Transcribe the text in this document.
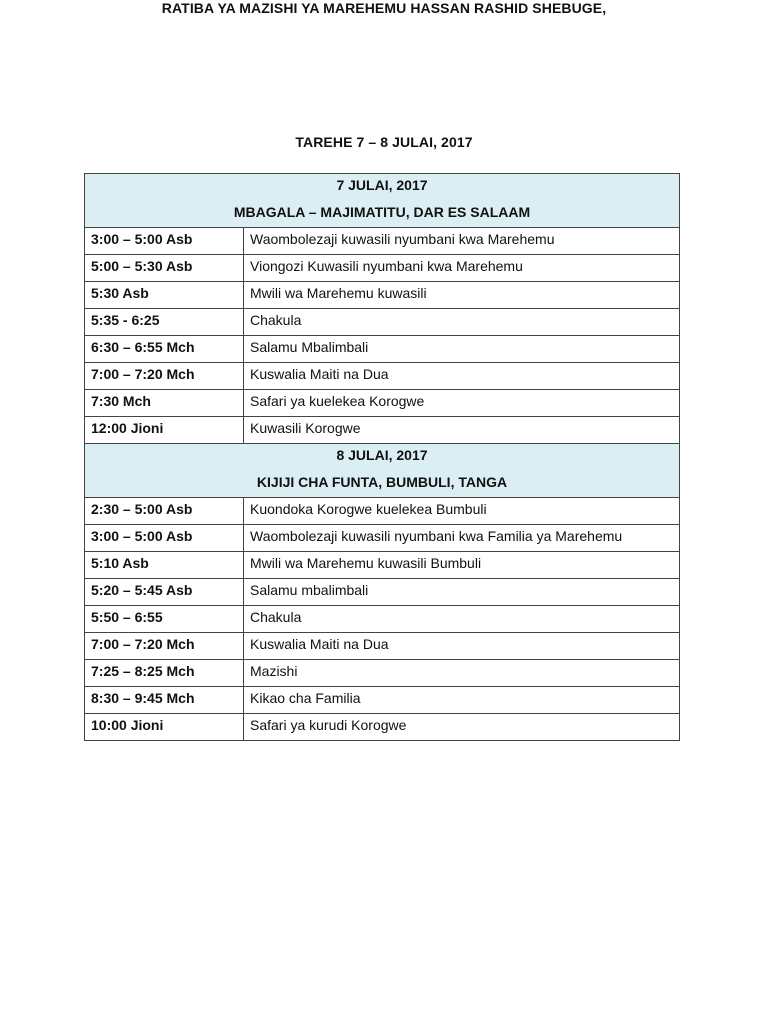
RATIBA YA MAZISHI YA MAREHEMU HASSAN RASHID SHEBUGE,
TAREHE 7 – 8 JULAI, 2017
7 JULAI, 2017
MBAGALA – MAJIMATITU, DAR ES SALAAM	

3:00 – 5:00 Asb	Waombolezaji kuwasili nyumbani kwa Marehemu
5:00 – 5:30 Asb	Viongozi Kuwasili nyumbani kwa Marehemu
5:30 Asb	Mwili wa Marehemu kuwasili
5:35 - 6:25	Chakula
6:30 – 6:55 Mch	Salamu Mbalimbali
7:00 – 7:20 Mch	Kuswalia Maiti na Dua
7:30 Mch	Safari ya kuelekea Korogwe
12:00 Jioni	Kuwasili Korogwe

8 JULAI, 2017
KIJIJI CHA FUNTA, BUMBULI, TANGA	

2:30 – 5:00 Asb	Kuondoka Korogwe kuelekea Bumbuli
3:00 – 5:00 Asb	Waombolezaji kuwasili nyumbani kwa Familia ya Marehemu
5:10 Asb	Mwili wa Marehemu kuwasili Bumbuli
5:20 – 5:45 Asb	Salamu mbalimbali
5:50 – 6:55	Chakula
7:00 – 7:20 Mch	Kuswalia Maiti na Dua
7:25 – 8:25 Mch	Mazishi
8:30 – 9:45 Mch	Kikao cha Familia
10:00 Jioni	Safari ya kurudi Korogwe
